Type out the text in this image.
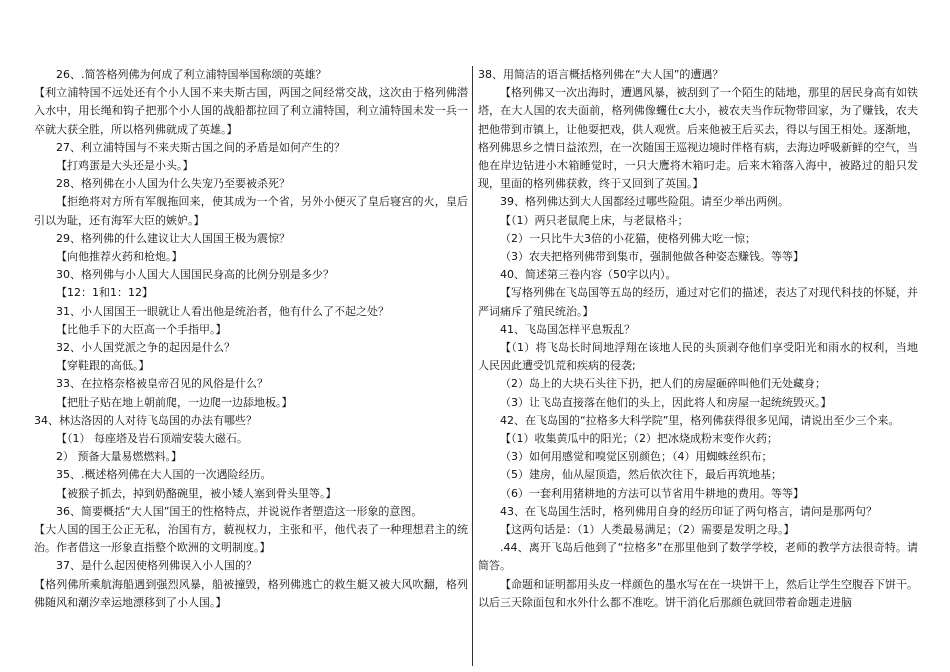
26、.简答格列佛为何成了利立浦特国举国称颂的英雄？

【利立浦特国不远处还有个小人国不来夫斯古国，两国之间经常交战，这次由于格列佛潜入水中，用长绳和钩子把那个小人国的战船都拉回了利立浦特国，利立浦特国未发一兵一卒就大获全胜，所以格列佛就成了英雄。】

27、利立浦特国与不来夫斯古国之间的矛盾是如何产生的？

【打鸡蛋是大头还是小头。】

28、格列佛在小人国为什么失宠乃至要被杀死？

【拒绝将对方所有军舰拖回来，使其成为一个省，另外小便灭了皇后寝宫的火，皇后引以为耻，还有海军大臣的嫉妒。】

29、格列佛的什么建议让大人国国王极为震惊？

【向他推荐火药和枪炮。】

30、格列佛与小人国大人国国民身高的比例分别是多少？

【12：1和1：12】

31、小人国国王一眼就让人看出他是统治者，他有什么了不起之处？

【比他手下的大臣高一个手指甲。】

32、小人国党派之争的起因是什么？

【穿鞋跟的高低。】

33、在拉格奈格被皇帝召见的风俗是什么？

【把肚子贴在地上朝前爬，一边爬一边舔地板。】

34、林达洛因的人对待飞岛国的办法有哪些？

【（1） 每座塔及岩石顶端安装大磁石。

2） 预备大量易燃燃料。】

35、.概述格列佛在大人国的一次遇险经历。

【被猴子抓去，掉到奶酪碗里，被小矮人塞到骨头里等。】

36、简要概括“大人国”国王的性格特点，并说说作者塑造这一形象的意图。

【大人国的国王公正无私，治国有方，藐视权力，主张和平，他代表了一种理想君主的统治。作者借这一形象直指整个欧洲的文明制度。】

37、是什么起因使格列佛误入小人国的？

【格列佛所乘航海船遇到强烈风暴，船被撞毁，格列佛逃亡的救生艇又被大风吹翻，格列佛随风和潮汐幸运地漂移到了小人国。】

38、用简洁的语言概括格列佛在“大人国”的遭遇？

【格列佛又一次出海时，遭遇风暴，被刮到了一个陌生的陆地，那里的居民身高有如铁塔，在大人国的农夫面前，格列佛像蠼仕c大小，被农夫当作玩物带回家，为了赚钱，农夫把他带到市镇上，让他耍把戏，供人观赏。后来他被王后买去，得以与国王相处。逐渐地，格列佛思乡之情日益浓烈，在一次随国王巡视边境时伴格有病，去海边呼吸新鲜的空气，当他在岸边钻进小木箱睡觉时，一只大鹰将木箱叼走。后来木箱落入海中，被路过的船只发现，里面的格列佛获救，终于又回到了英国。】

39、格列佛达到大人国都经过哪些险阻。请至少举出两例。

【（1）两只老鼠爬上床，与老鼠格斗；

（2）一只比牛大3倍的小花猫，使格列佛大吃一惊；

（3）农夫把格列佛带到集市，强制他做各种姿态赚钱。等等】

40、简述第三卷内容（50字以内）。

【写格列佛在飞岛国等五岛的经历，通过对它们的描述，表达了对现代科技的怀疑，并严词痛斥了殖民统治。】

41、飞岛国怎样平息叛乱？

【（1）将飞岛长时间地浮翔在该地人民的头顶剥夺他们享受阳光和雨水的权利，当地人民因此遭受饥荒和疾病的侵袭;

（2）岛上的大块石头往下扔，把人们的房屋砸碎叫他们无处藏身；

（3）让飞岛直接落在他们的头上，因此将人和房屋一起统统毁灭。】

42、在飞岛国的“拉格多大科学院”里，格列佛获得很多见闻，请说出至少三个来。

【（1）收集黄瓜中的阳光；（2）把冰烧成粉末变作火药；

（3）如何用感觉和嗅觉区别颜色；（4）用蜘蛛丝织布；

（5）建房，仙从屋顶造，然后依次往下，最后再筑地基；

（6）一套利用猪耕地的方法可以节省用牛耕地的费用。等等】

43、在飞岛国生活时，格列佛用自身的经历印证了两句格言，请问是那两句？

【这两句话是：（1）人类最易满足；（2）需要是发明之母。】

.44、离开飞岛后他到了“拉格多”在那里他到了数学学校，老师的教学方法很奇特。请简答。

【命题和证明都用头皮一样颜色的墨水写在在一块饼干上，然后让学生空腹吞下饼干。以后三天除面包和水外什么都不准吃。饼干消化后那颜色就回带着命题走进脑
